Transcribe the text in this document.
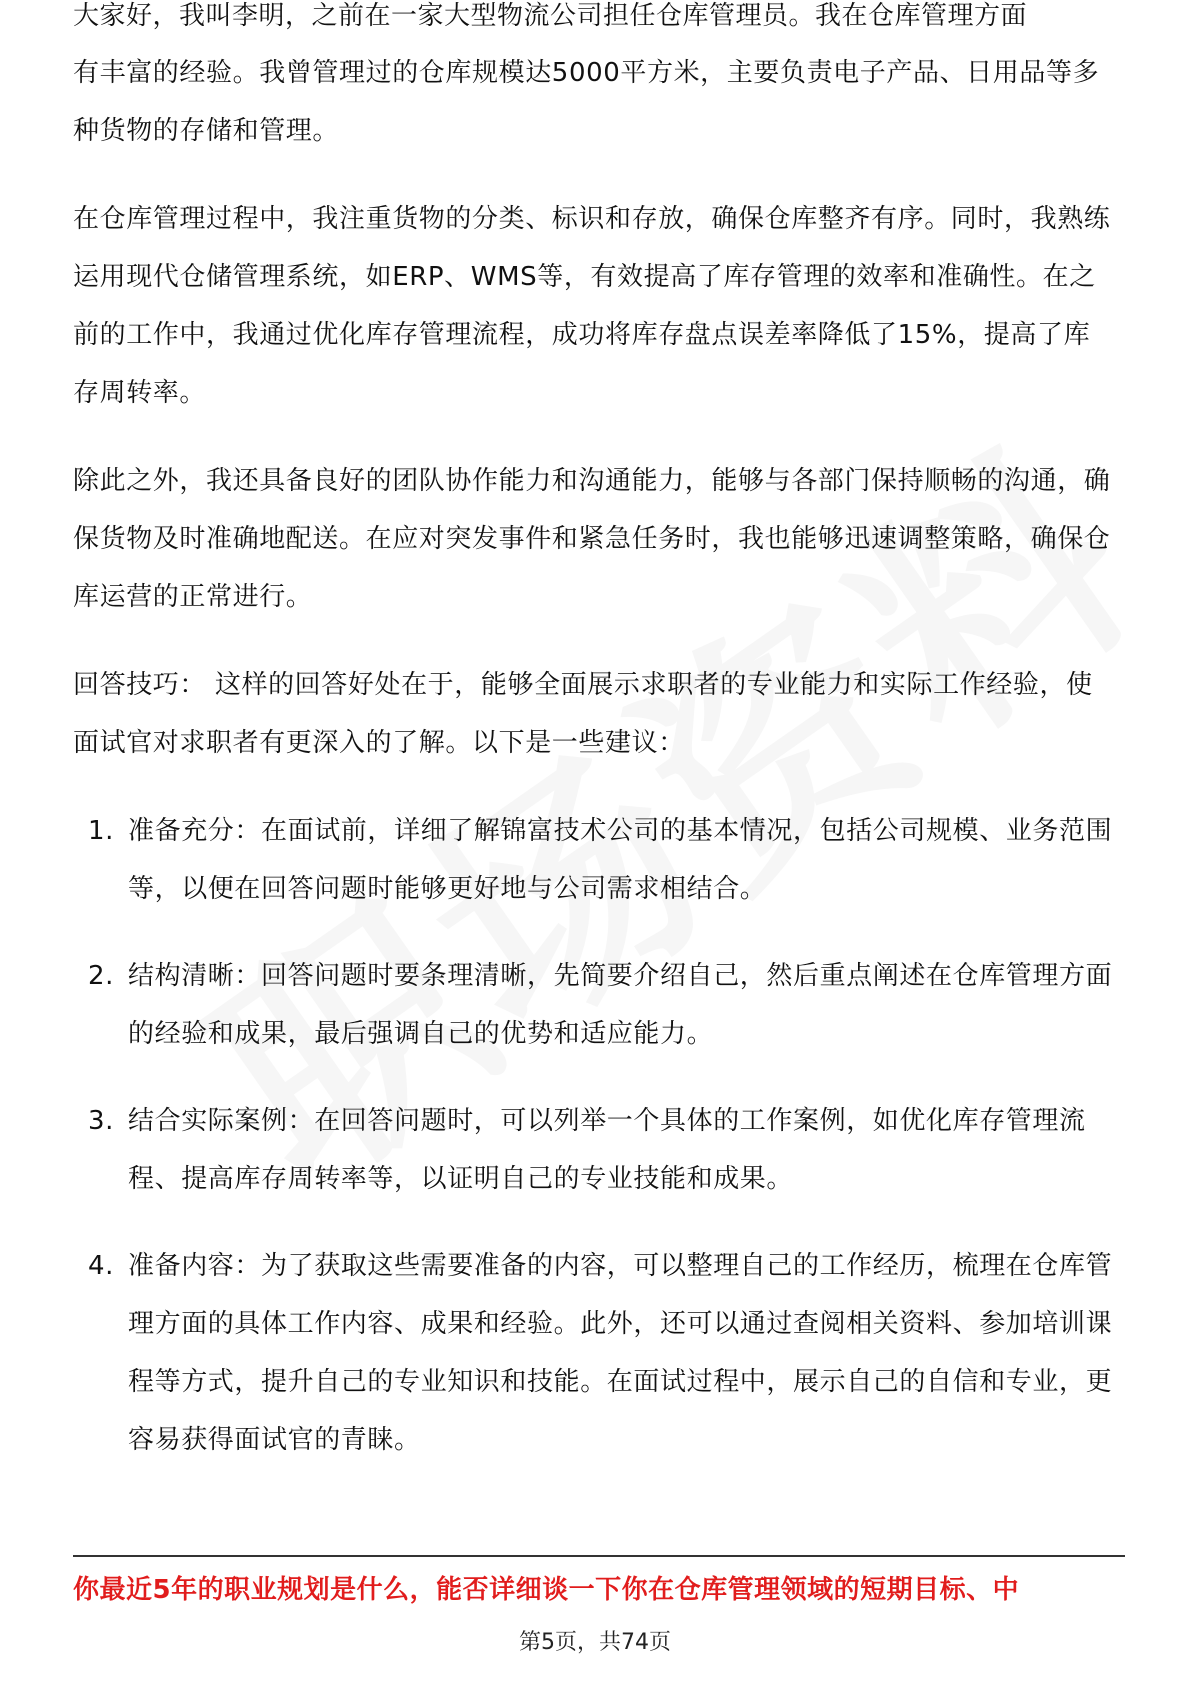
大家好，我叫李明，之前在一家大型物流公司担任仓库管理员。我在仓库管理方面

有丰富的经验。我曾管理过的仓库规模达5000平方米，主要负责电子产品、日用品等多种货物的存储和管理。

在仓库管理过程中，我注重货物的分类、标识和存放，确保仓库整齐有序。同时，我熟练运用现代仓储管理系统，如ERP、WMS等，有效提高了库存管理的效率和准确性。在之前的工作中，我通过优化库存管理流程，成功将库存盘点误差率降低了15%，提高了库存周转率。

除此之外，我还具备良好的团队协作能力和沟通能力，能够与各部门保持顺畅的沟通，确保货物及时准确地配送。在应对突发事件和紧急任务时，我也能够迅速调整策略，确保仓库运营的正常进行。

回答技巧： 这样的回答好处在于，能够全面展示求职者的专业能力和实际工作经验，使面试官对求职者有更深入的了解。以下是一些建议：

1. 准备充分：在面试前，详细了解锦富技术公司的基本情况，包括公司规模、业务范围等，以便在回答问题时能够更好地与公司需求相结合。
2. 结构清晰：回答问题时要条理清晰，先简要介绍自己，然后重点阐述在仓库管理方面的经验和成果，最后强调自己的优势和适应能力。
3. 结合实际案例：在回答问题时，可以列举一个具体的工作案例，如优化库存管理流程、提高库存周转率等，以证明自己的专业技能和成果。
4. 准备内容：为了获取这些需要准备的内容，可以整理自己的工作经历，梳理在仓库管理方面的具体工作内容、成果和经验。此外，还可以通过查阅相关资料、参加培训课程等方式，提升自己的专业知识和技能。在面试过程中，展示自己的自信和专业，更容易获得面试官的青睐。
你最近5年的职业规划是什么，能否详细谈一下你在仓库管理领域的短期目标、中
第5页，共74页
